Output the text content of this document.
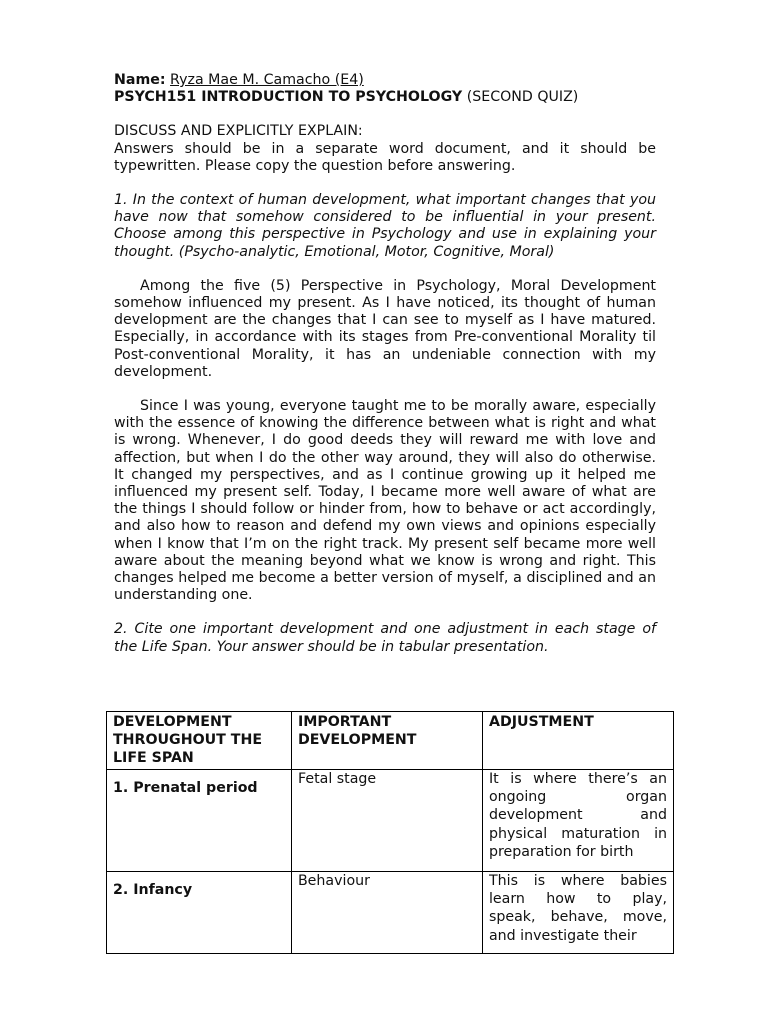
Name: Ryza Mae M. Camacho (E4)
PSYCH151 INTRODUCTION TO PSYCHOLOGY (SECOND QUIZ)
DISCUSS AND EXPLICITLY EXPLAIN:

Answers should be in a separate word document, and it should be typewritten. Please copy the question before answering.

1. In the context of human development, what important changes that you have now that somehow considered to be influential in your present. Choose among this perspective in Psychology and use in explaining your thought. (Psycho-analytic, Emotional, Motor, Cognitive, Moral)

Among the five (5) Perspective in Psychology, Moral Development somehow influenced my present. As I have noticed, its thought of human development are the changes that I can see to myself as I have matured. Especially, in accordance with its stages from Pre-conventional Morality til Post-conventional Morality, it has an undeniable connection with my development.

Since I was young, everyone taught me to be morally aware, especially with the essence of knowing the difference between what is right and what is wrong. Whenever, I do good deeds they will reward me with love and affection, but when I do the other way around, they will also do otherwise. It changed my perspectives, and as I continue growing up it helped me influenced my present self. Today, I became more well aware of what are the things I should follow or hinder from, how to behave or act accordingly, and also how to reason and defend my own views and opinions especially when I know that I’m on the right track. My present self became more well aware about the meaning beyond what we know is wrong and right. This changes helped me become a better version of myself, a disciplined and an understanding one.

2. Cite one important development and one adjustment in each stage of the Life Span. Your answer should be in tabular presentation.

DEVELOPMENT THROUGHOUT THE LIFE SPAN	IMPORTANT DEVELOPMENT	ADJUSTMENT
1. Prenatal period	Fetal stage	It is where there’s an ongoing organ development and physical maturation in preparation for birth
2. Infancy	Behaviour	This is where babies learn how to play, speak, behave, move, and investigate their
